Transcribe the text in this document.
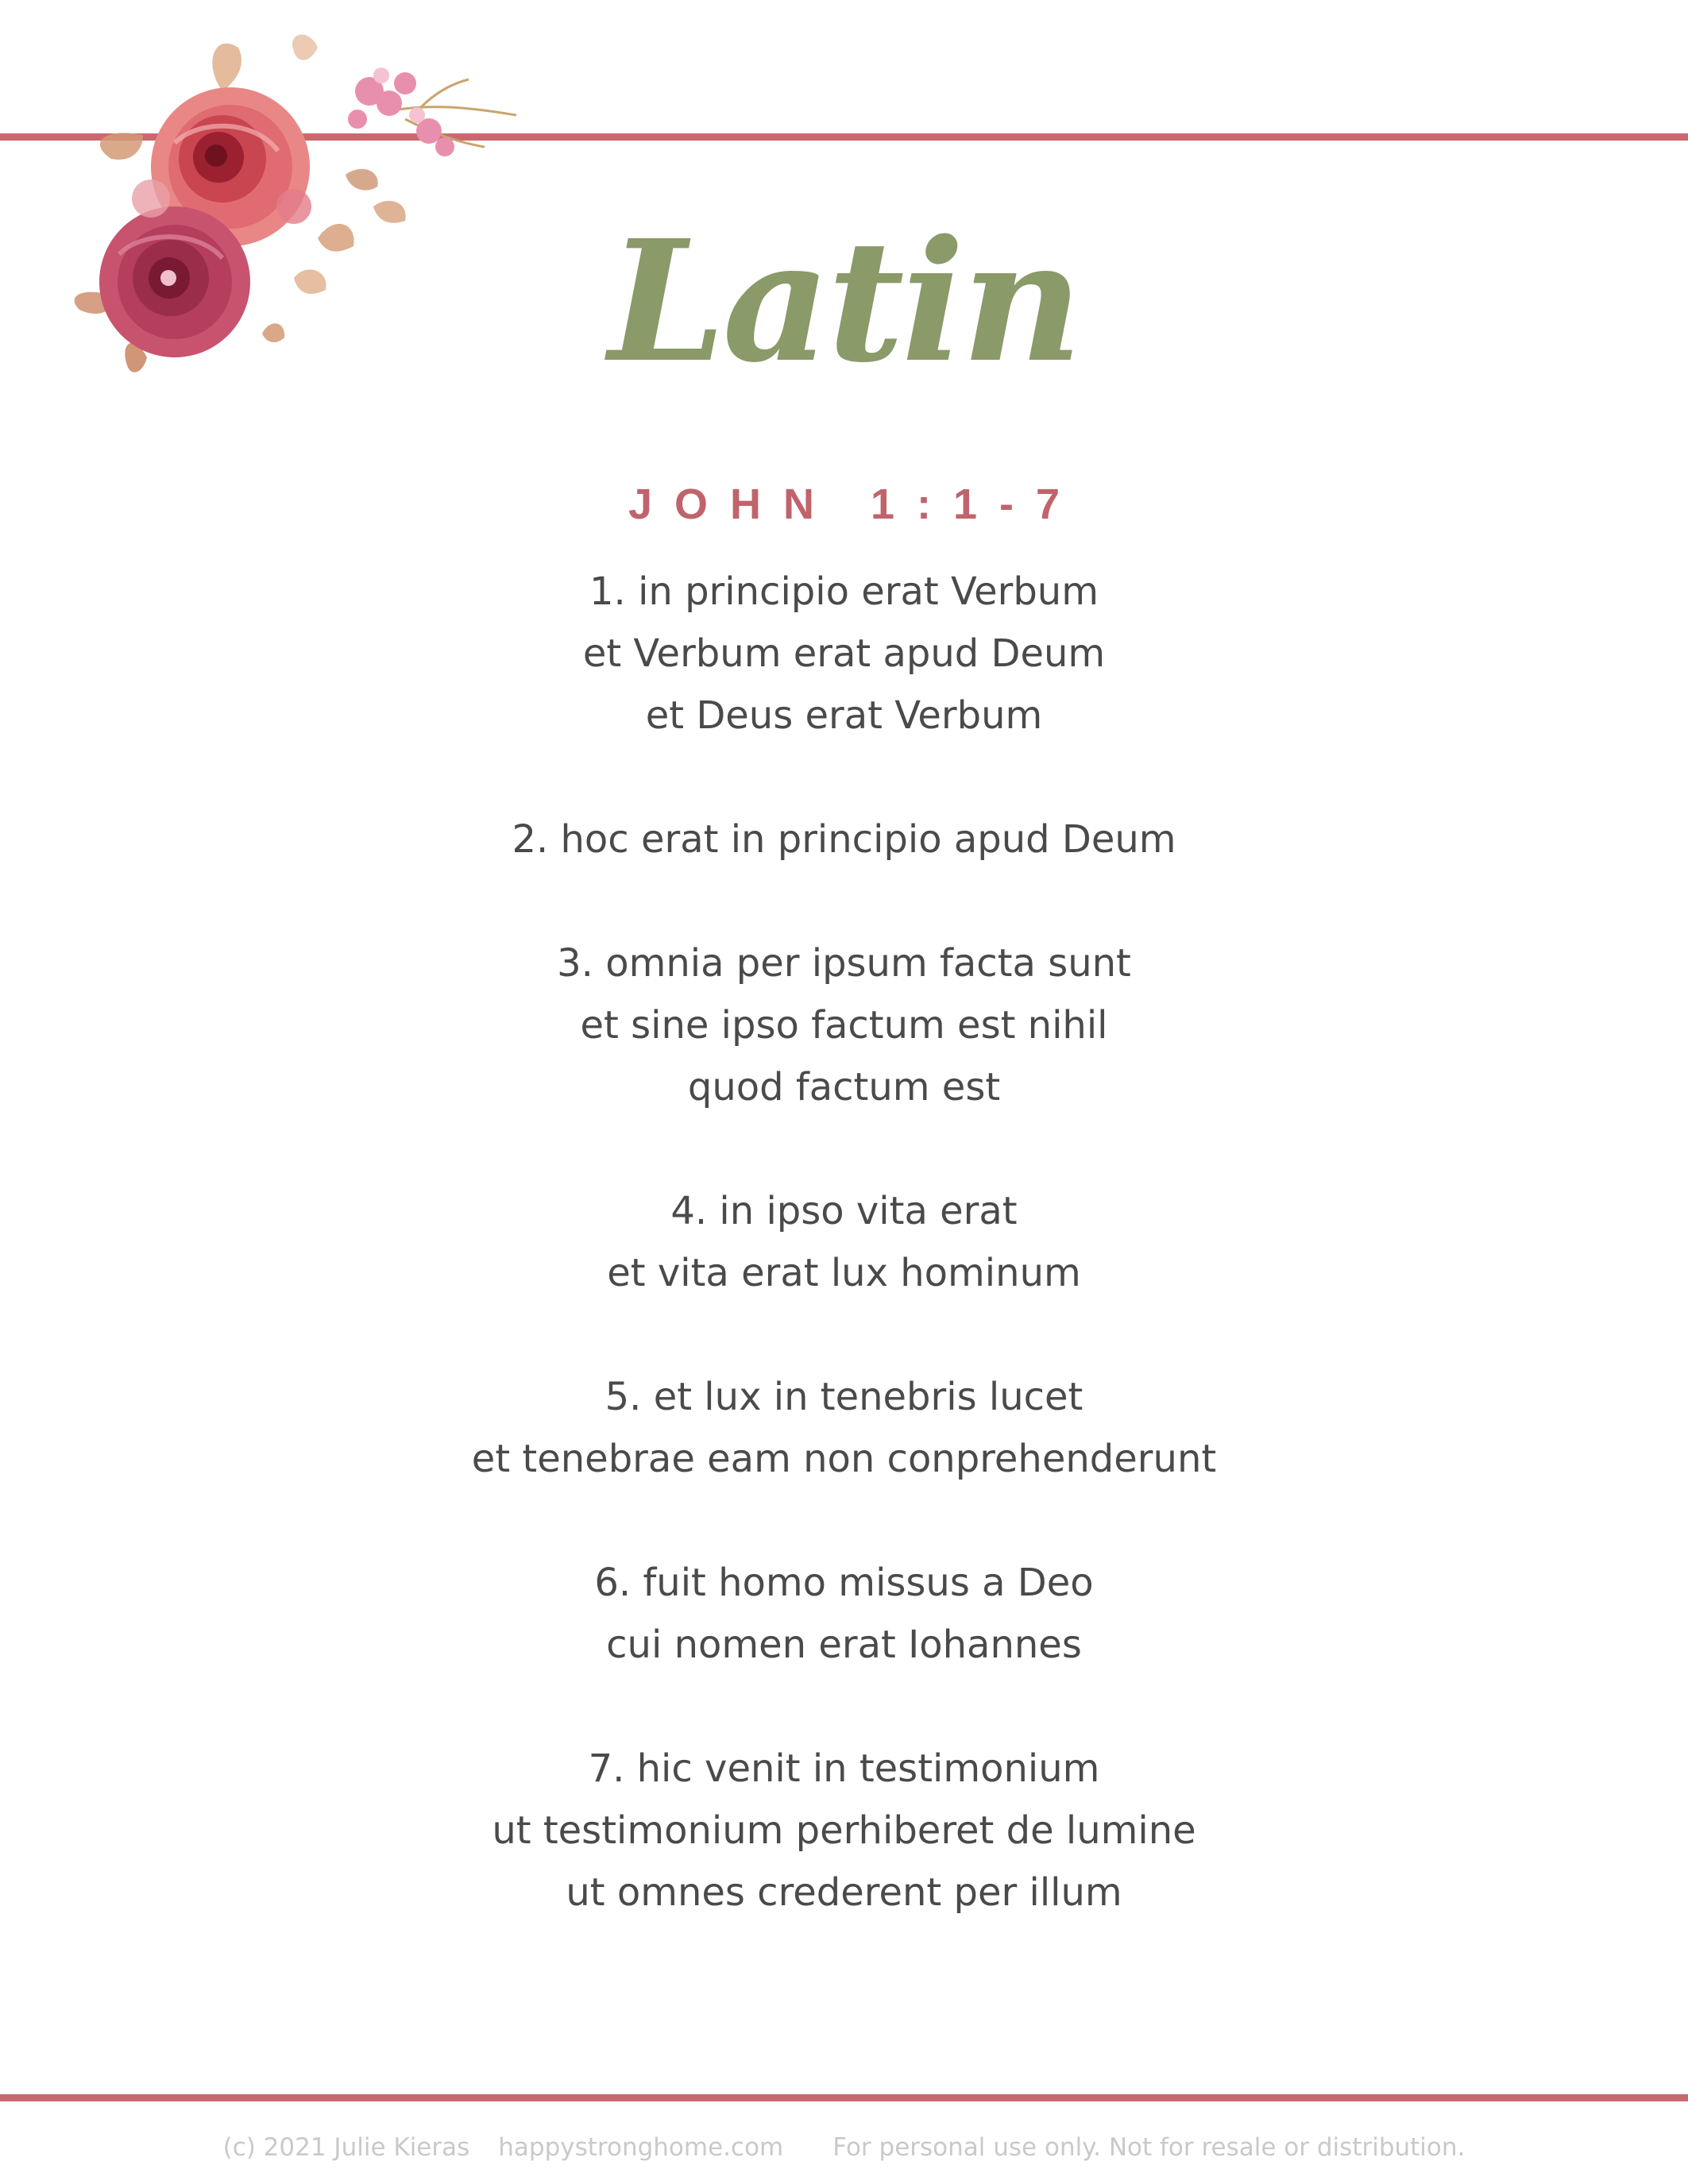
Latin
JOHN 1:1-7
1. in principio erat Verbum
et Verbum erat apud Deum
et Deus erat Verbum
2. hoc erat in principio apud Deum
3. omnia per ipsum facta sunt
et sine ipso factum est nihil
quod factum est
4. in ipso vita erat
et vita erat lux hominum
5. et lux in tenebris lucet
et tenebrae eam non conprehenderunt
6. fuit homo missus a Deo
cui nomen erat Iohannes
7. hic venit in testimonium
ut testimonium perhiberet de lumine
ut omnes crederent per illum
(c) 2021 Julie Kieras happystronghome.com For personal use only. Not for resale or distribution.
